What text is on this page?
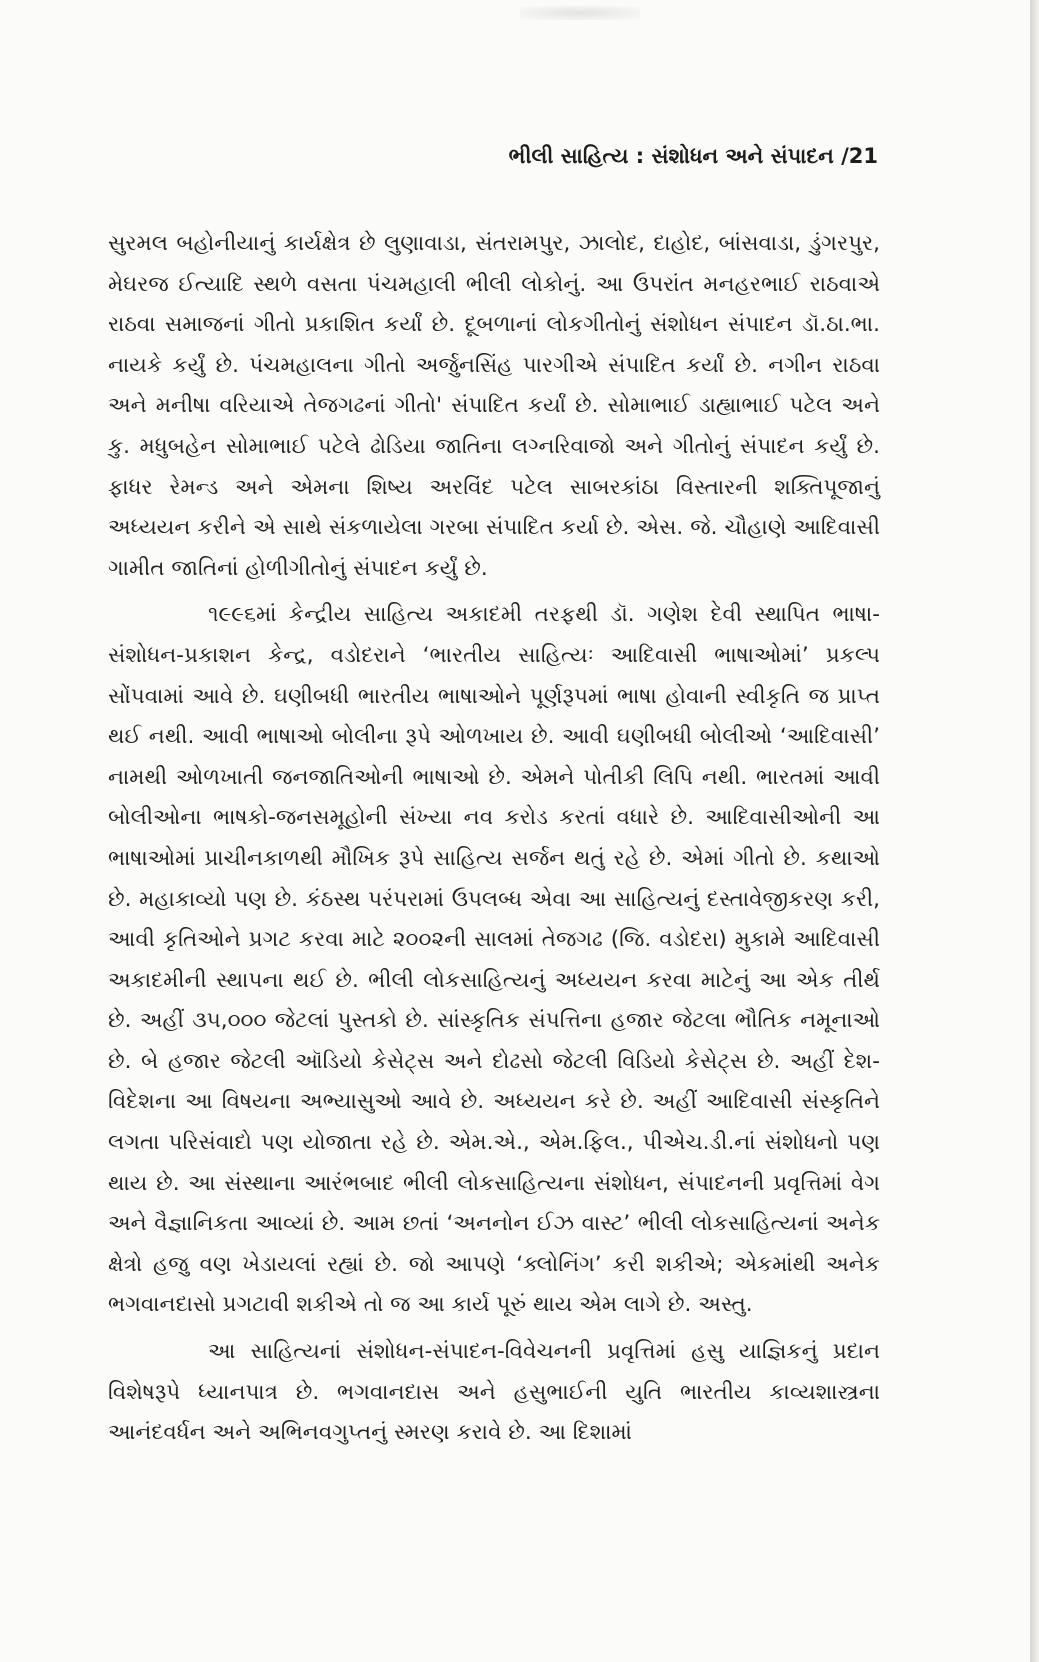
ભીલી સાહિત્ય : સંશોધન અને સંપાદન /21

સુરમલ બહોનીયાનું કાર્યક્ષેત્ર છે લુણાવાડા, સંતરામપુર, ઝાલોદ, દાહોદ, બાંસવાડા, ડુંગરપુર, મેઘરજ ઈત્યાદિ સ્થળે વસતા પંચમહાલી ભીલી લોકોનું. આ ઉપરાંત મનહરભાઈ રાઠવાએ રાઠવા સમાજનાં ગીતો પ્રકાશિત કર્યાં છે. દૂબળાનાં લોકગીતોનું સંશોધન સંપાદન ડૉ.ઠા.ભા. નાયકે કર્યું છે. પંચમહાલના ગીતો અર્જુનસિંહ પારગીએ સંપાદિત કર્યાં છે. નગીન રાઠવા અને મનીષા વરિયાએ તેજગઢનાં ગીતો' સંપાદિત કર્યાં છે. સોમાભાઈ ડાહ્યાભાઈ પટેલ અને કુ. મધુબહેન સોમાભાઈ પટેલે ઢોડિયા જાતિના લગ્નરિવાજો અને ગીતોનું સંપાદન કર્યું છે. ફાધર રેમન્ડ અને એમના શિષ્ય અરવિંદ પટેલ સાબરકાંઠા વિસ્તારની શક્તિપૂજાનું અધ્યયન કરીને એ સાથે સંકળાયેલા ગરબા સંપાદિત કર્યા છે. એસ. જે. ચૌહાણે આદિવાસી ગામીત જાતિનાં હોળીગીતોનું સંપાદન કર્યું છે.

૧૯૯૬માં કેન્દ્રીય સાહિત્ય અકાદમી તરફથી ડૉ. ગણેશ દેવી સ્થાપિત ભાષા-સંશોધન-પ્રકાશન કેન્દ્ર, વડોદરાને ‘ભારતીય સાહિત્યઃ આદિવાસી ભાષાઓમાં’ પ્રકલ્પ સોંપવામાં આવે છે. ઘણીબધી ભારતીય ભાષાઓને પૂર્ણરૂપમાં ભાષા હોવાની સ્વીકૃતિ જ પ્રાપ્ત થઈ નથી. આવી ભાષાઓ બોલીના રૂપે ઓળખાય છે. આવી ઘણીબધી બોલીઓ ‘આદિવાસી’ નામથી ઓળખાતી જનજાતિઓની ભાષાઓ છે. એમને પોતીકી લિપિ નથી. ભારતમાં આવી બોલીઓના ભાષકો-જનસમૂહોની સંખ્યા નવ કરોડ કરતાં વધારે છે. આદિવાસીઓની આ ભાષાઓમાં પ્રાચીનકાળથી મૌખિક રૂપે સાહિત્ય સર્જન થતું રહે છે. એમાં ગીતો છે. કથાઓ છે. મહાકાવ્યો પણ છે. કંઠસ્થ પરંપરામાં ઉપલબ્ધ એવા આ સાહિત્યનું દસ્તાવેજીકરણ કરી, આવી કૃતિઓને પ્રગટ કરવા માટે ૨૦૦૨ની સાલમાં તેજગઢ (જિ. વડોદરા) મુકામે આદિવાસી અકાદમીની સ્થાપના થઈ છે. ભીલી લોકસાહિત્યનું અધ્યયન કરવા માટેનું આ એક તીર્થ છે. અહીં ૩૫,૦૦૦ જેટલાં પુસ્તકો છે. સાંસ્કૃતિક સંપત્તિના હજાર જેટલા ભૌતિક નમૂનાઓ છે. બે હજાર જેટલી ઑડિયો કેસેટ્સ અને દોઢસો જેટલી વિડિયો કેસેટ્સ છે. અહીં દેશ-વિદેશના આ વિષયના અભ્યાસુઓ આવે છે. અધ્યયન કરે છે. અહીં આદિવાસી સંસ્કૃતિને લગતા પરિસંવાદો પણ યોજાતા રહે છે. એમ.એ., એમ.ફિલ., પીએચ.ડી.નાં સંશોધનો પણ થાય છે. આ સંસ્થાના આરંભબાદ ભીલી લોકસાહિત્યના સંશોધન, સંપાદનની પ્રવૃત્તિમાં વેગ અને વૈજ્ઞાનિકતા આવ્યાં છે. આમ છતાં ‘અનનોન ઈઝ વાસ્ટ’ ભીલી લોકસાહિત્યનાં અનેક ક્ષેત્રો હજુ વણ ખેડાયલાં રહ્યાં છે. જો આપણે ‘ક્લોનિંગ’ કરી શકીએ; એકમાંથી અનેક ભગવાનદાસો પ્રગટાવી શકીએ તો જ આ કાર્ય પૂરું થાય એમ લાગે છે. અસ્તુ.

આ સાહિત્યનાં સંશોધન-સંપાદન-વિવેચનની પ્રવૃત્તિમાં હસુ યાજ્ઞિકનું પ્રદાન વિશેષરૂપે ધ્યાનપાત્ર છે. ભગવાનદાસ અને હસુભાઈની યુતિ ભારતીય કાવ્યશાસ્ત્રના આનંદવર્ધન અને અભિનવગુપ્તનું સ્મરણ કરાવે છે. આ દિશામાં
